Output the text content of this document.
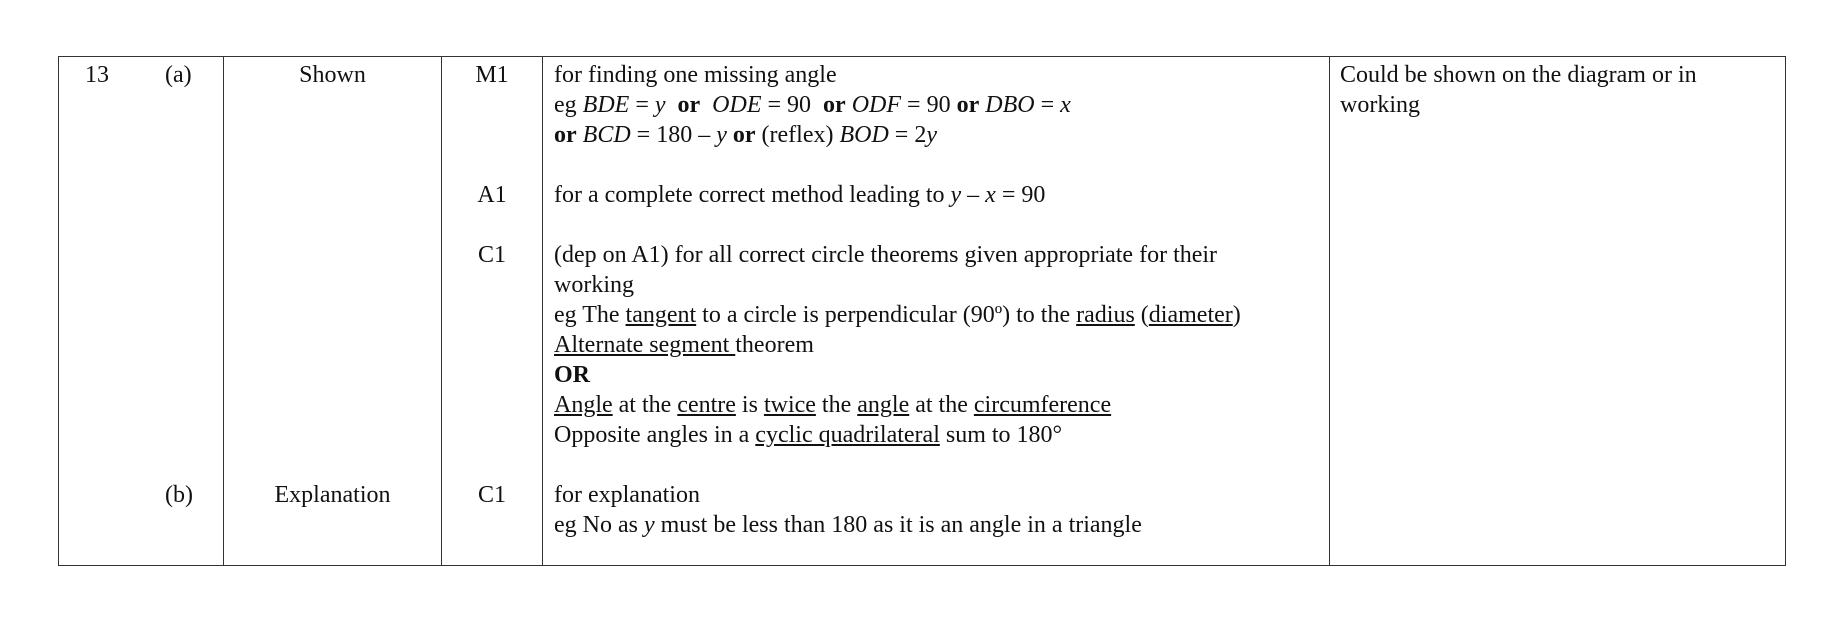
13 (a)
(b)
Shown
Explanation
M1
A1
C1
C1
for finding one missing angle
eg BDE = y or ODE = 90  or ODF = 90 or DBO = x
or BCD = 180 – y or (reflex) BOD = 2y
for a complete correct method leading to y – x = 90
(dep on A1) for all correct circle theorems given appropriate for their
working
eg The tangent to a circle is perpendicular (90º) to the radius (diameter)
Alternate segment theorem
OR
Angle at the centre is twice the angle at the circumference
Opposite angles in a cyclic quadrilateral sum to 180°
for explanation
eg No as y must be less than 180 as it is an angle in a triangle
Could be shown on the diagram or in
working
